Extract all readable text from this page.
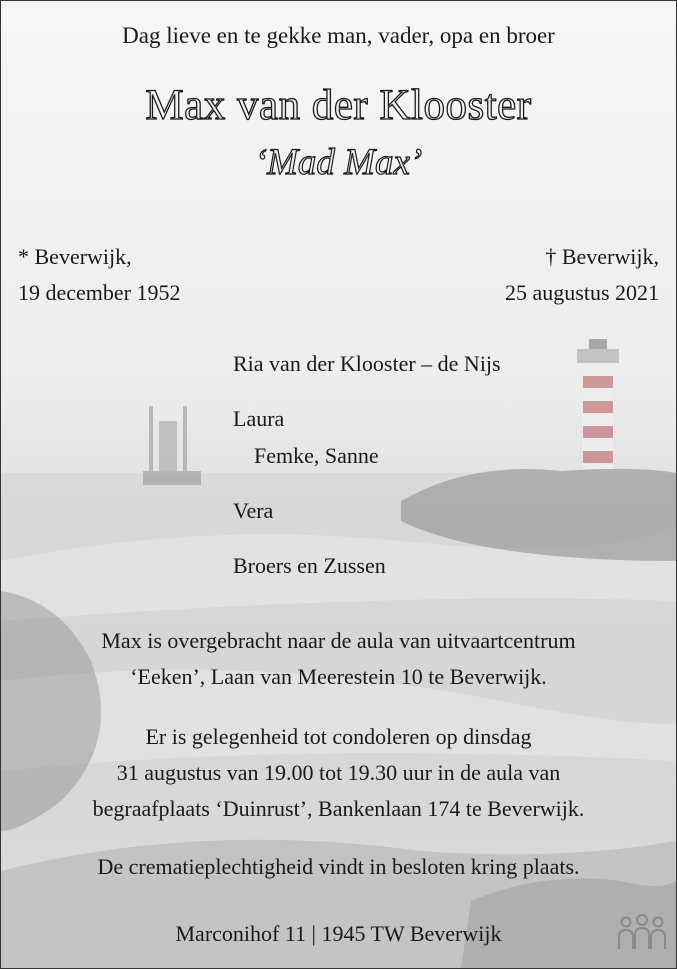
Dag lieve en te gekke man, vader, opa en broer
Max van der Klooster
‘Mad Max’
* Beverwijk,
19 december 1952
† Beverwijk,
25 augustus 2021
Ria van der Klooster – de Nijs
Laura
Femke, Sanne
Vera
Broers en Zussen
Max is overgebracht naar de aula van uitvaartcentrum
‘Eeken’, Laan van Meerestein 10 te Beverwijk.
Er is gelegenheid tot condoleren op dinsdag
31 augustus van 19.00 tot 19.30 uur in de aula van
begraafplaats ‘Duinrust’, Bankenlaan 174 te Beverwijk.
De crematieplechtigheid vindt in besloten kring plaats.
Marconihof 11 | 1945 TW Beverwijk
